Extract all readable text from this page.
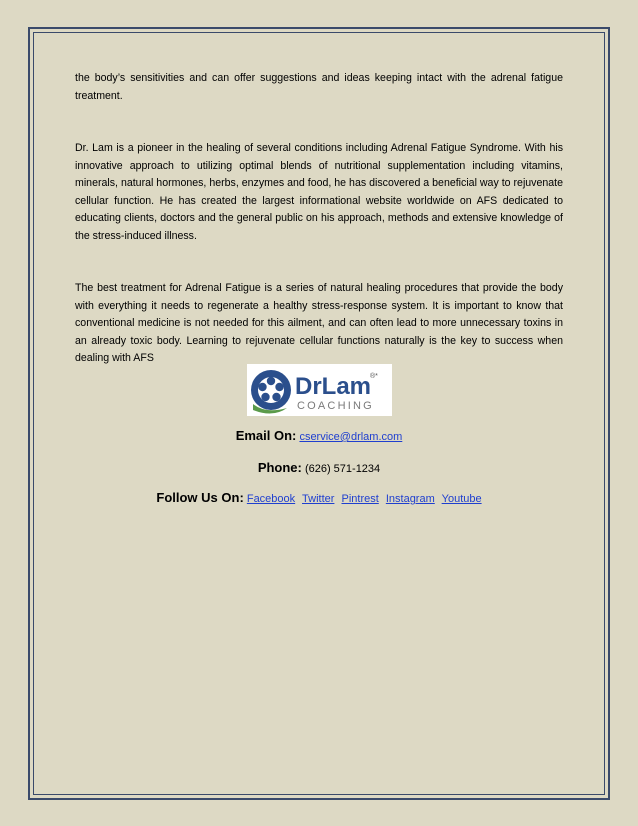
the body’s sensitivities and can offer suggestions and ideas keeping intact with the adrenal fatigue treatment.

Dr. Lam is a pioneer in the healing of several conditions including Adrenal Fatigue Syndrome. With his innovative approach to utilizing optimal blends of nutritional supplementation including vitamins, minerals, natural hormones, herbs, enzymes and food, he has discovered a beneficial way to rejuvenate cellular function. He has created the largest informational website worldwide on AFS dedicated to educating clients, doctors and the general public on his approach, methods and extensive knowledge of the stress-induced illness.

The best treatment for Adrenal Fatigue is a series of natural healing procedures that provide the body with everything it needs to regenerate a healthy stress-response system. It is important to know that conventional medicine is not needed for this ailment, and can often lead to more unnecessary toxins in an already toxic body. Learning to rejuvenate cellular functions naturally is the key to success when dealing with AFS

DrLam
®*
COACHING
Email On: cservice@drlam.com
Phone: (626) 571-1234
Follow Us On: Facebook Twitter Pintrest Instagram Youtube
